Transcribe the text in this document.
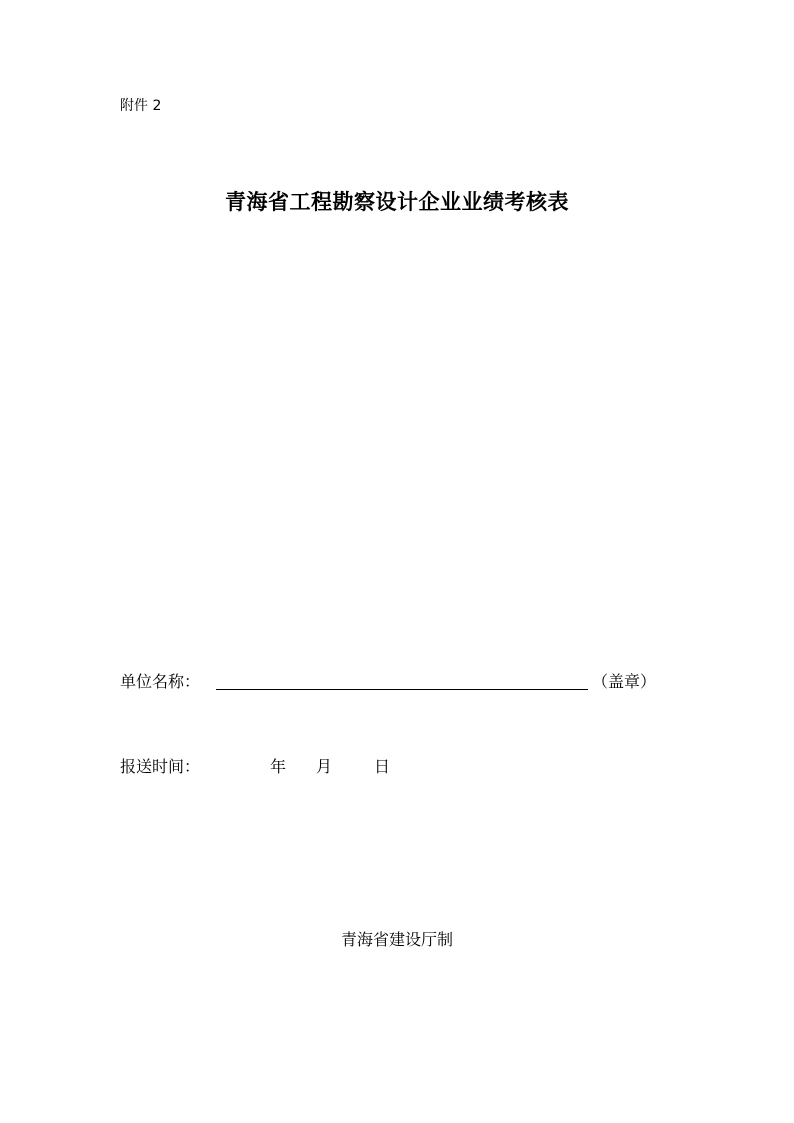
附件 2
青海省工程勘察设计企业业绩考核表
单位名称：	（盖章）
报送时间：	年 月	日
青海省建设厅制
